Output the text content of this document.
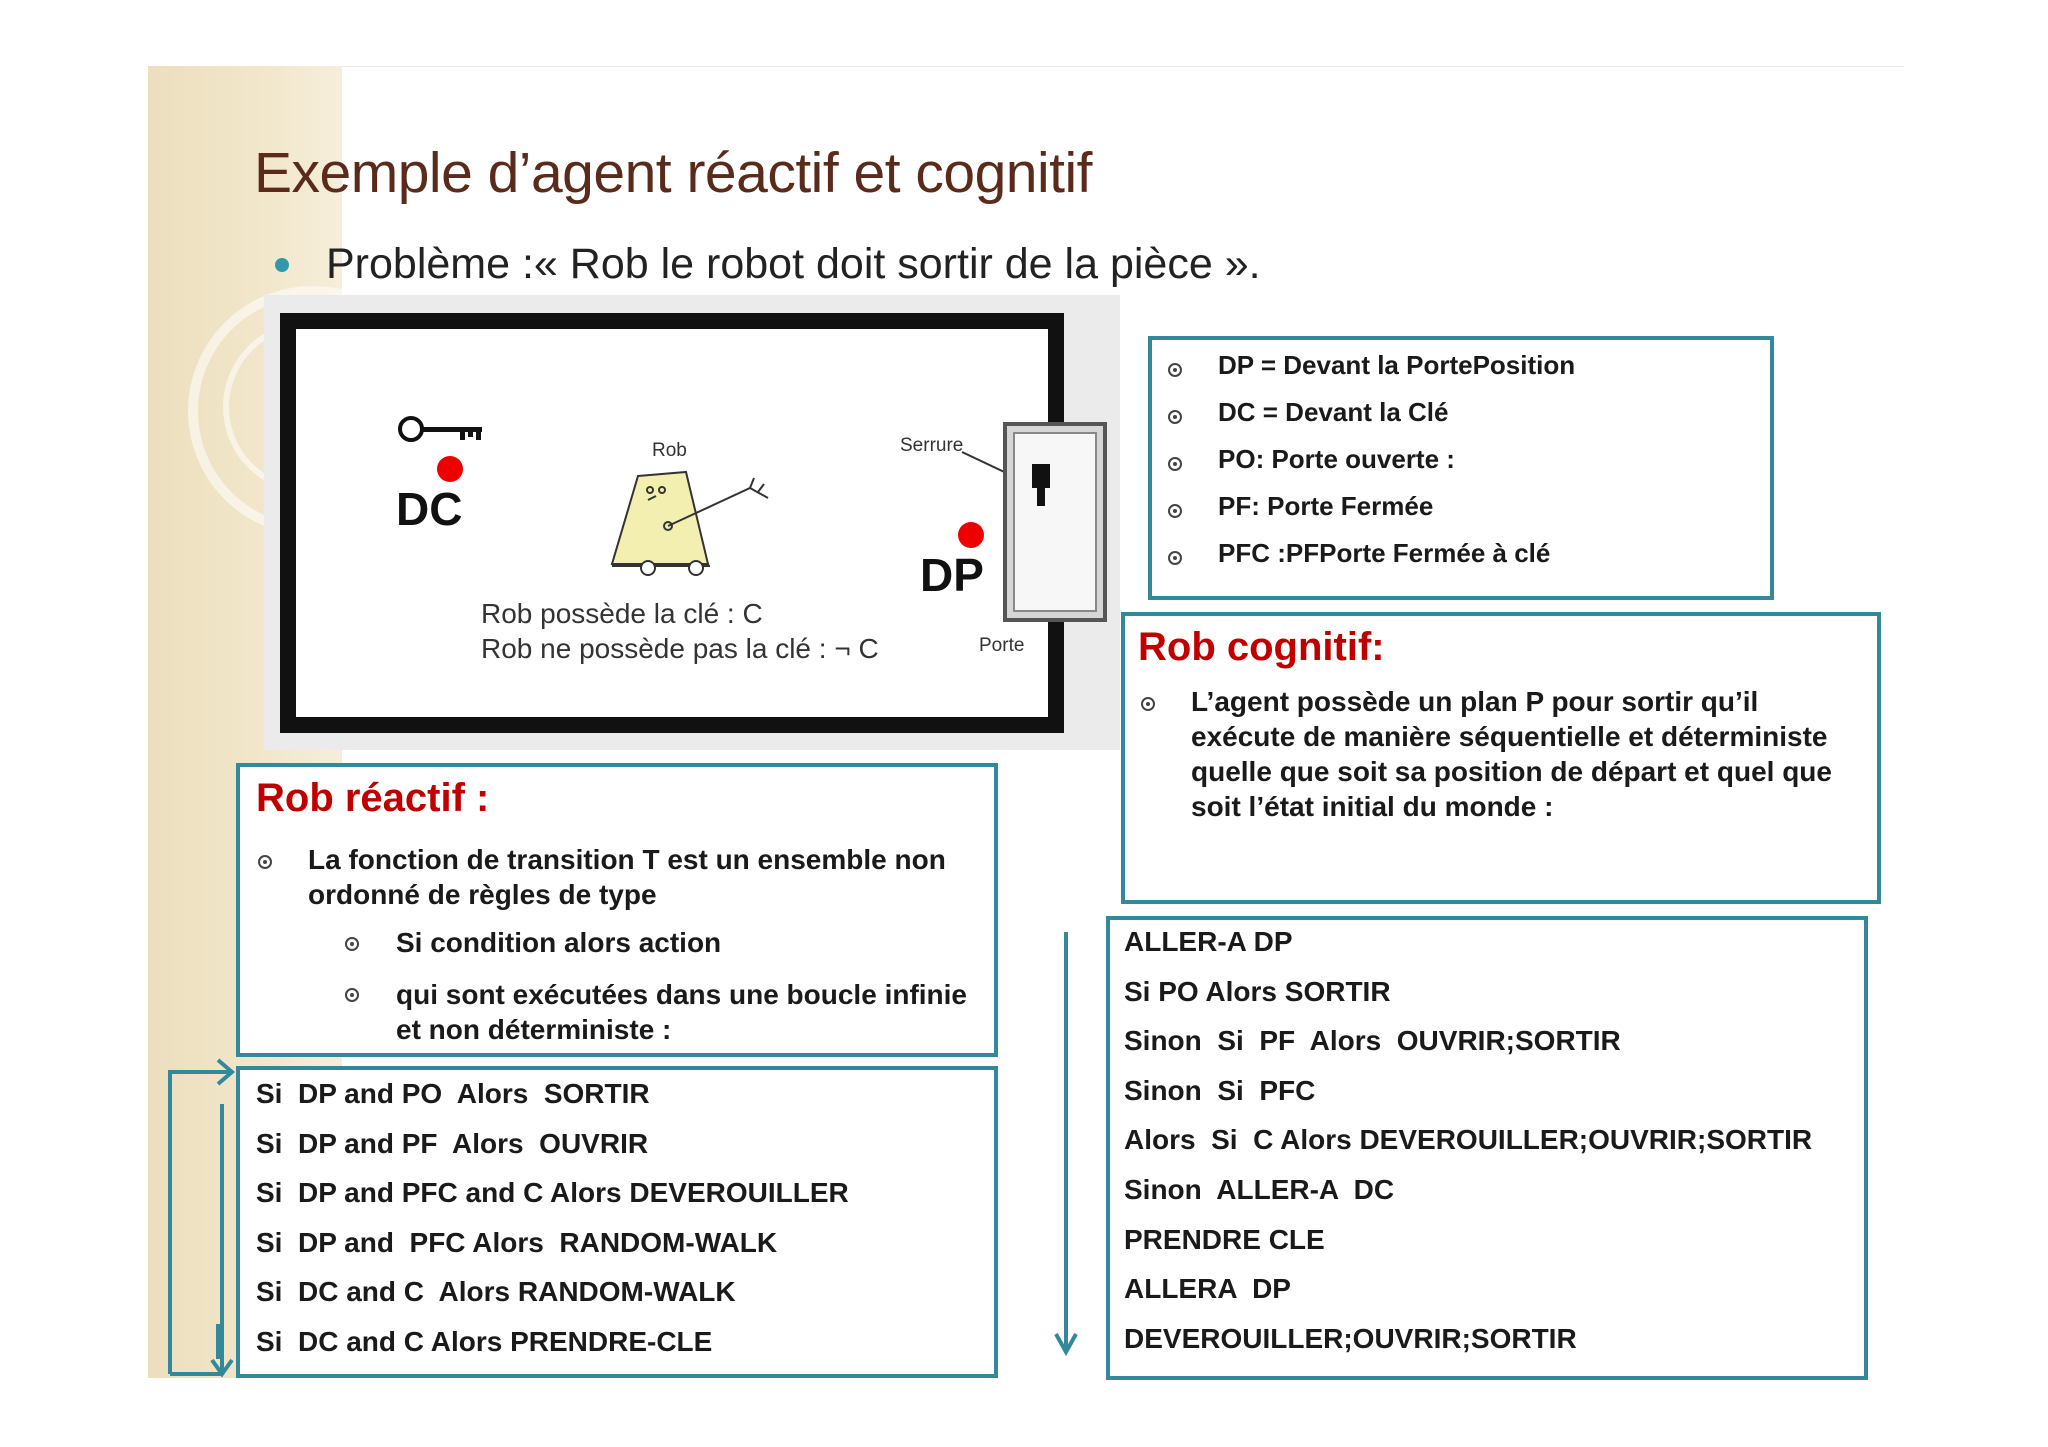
Exemple d’agent réactif et cognitif
Problème :« Rob le robot doit sortir de la pièce ».
DC
Rob
Rob possède la clé : C
Rob ne possède pas la clé : ¬ C
Serrure
DP
Porte
DP = Devant la PortePosition
DC = Devant la Clé
PO: Porte ouverte :
PF: Porte Fermée
PFC :PFPorte Fermée à clé
Rob cognitif:
L’agent possède un plan P pour sortir qu’il exécute de manière séquentielle et déterministe quelle que soit sa position de départ et quel que soit l’état initial du monde :
Rob réactif :
La fonction de transition T est un ensemble non ordonné de règles de type
Si condition alors action
qui sont exécutées dans une boucle infinie et non déterministe :
Si  DP and PO  Alors  SORTIR
Si  DP and PF  Alors  OUVRIR
Si  DP and PFC and C Alors DEVEROUILLER
Si  DP and  PFC Alors  RANDOM-WALK
Si  DC and C  Alors RANDOM-WALK
Si  DC and C Alors PRENDRE-CLE
ALLER-A DP
Si PO Alors SORTIR
Sinon  Si  PF  Alors  OUVRIR;SORTIR
Sinon  Si  PFC
Alors  Si  C Alors DEVEROUILLER;OUVRIR;SORTIR
Sinon  ALLER-A  DC
PRENDRE CLE
ALLERA  DP
DEVEROUILLER;OUVRIR;SORTIR
